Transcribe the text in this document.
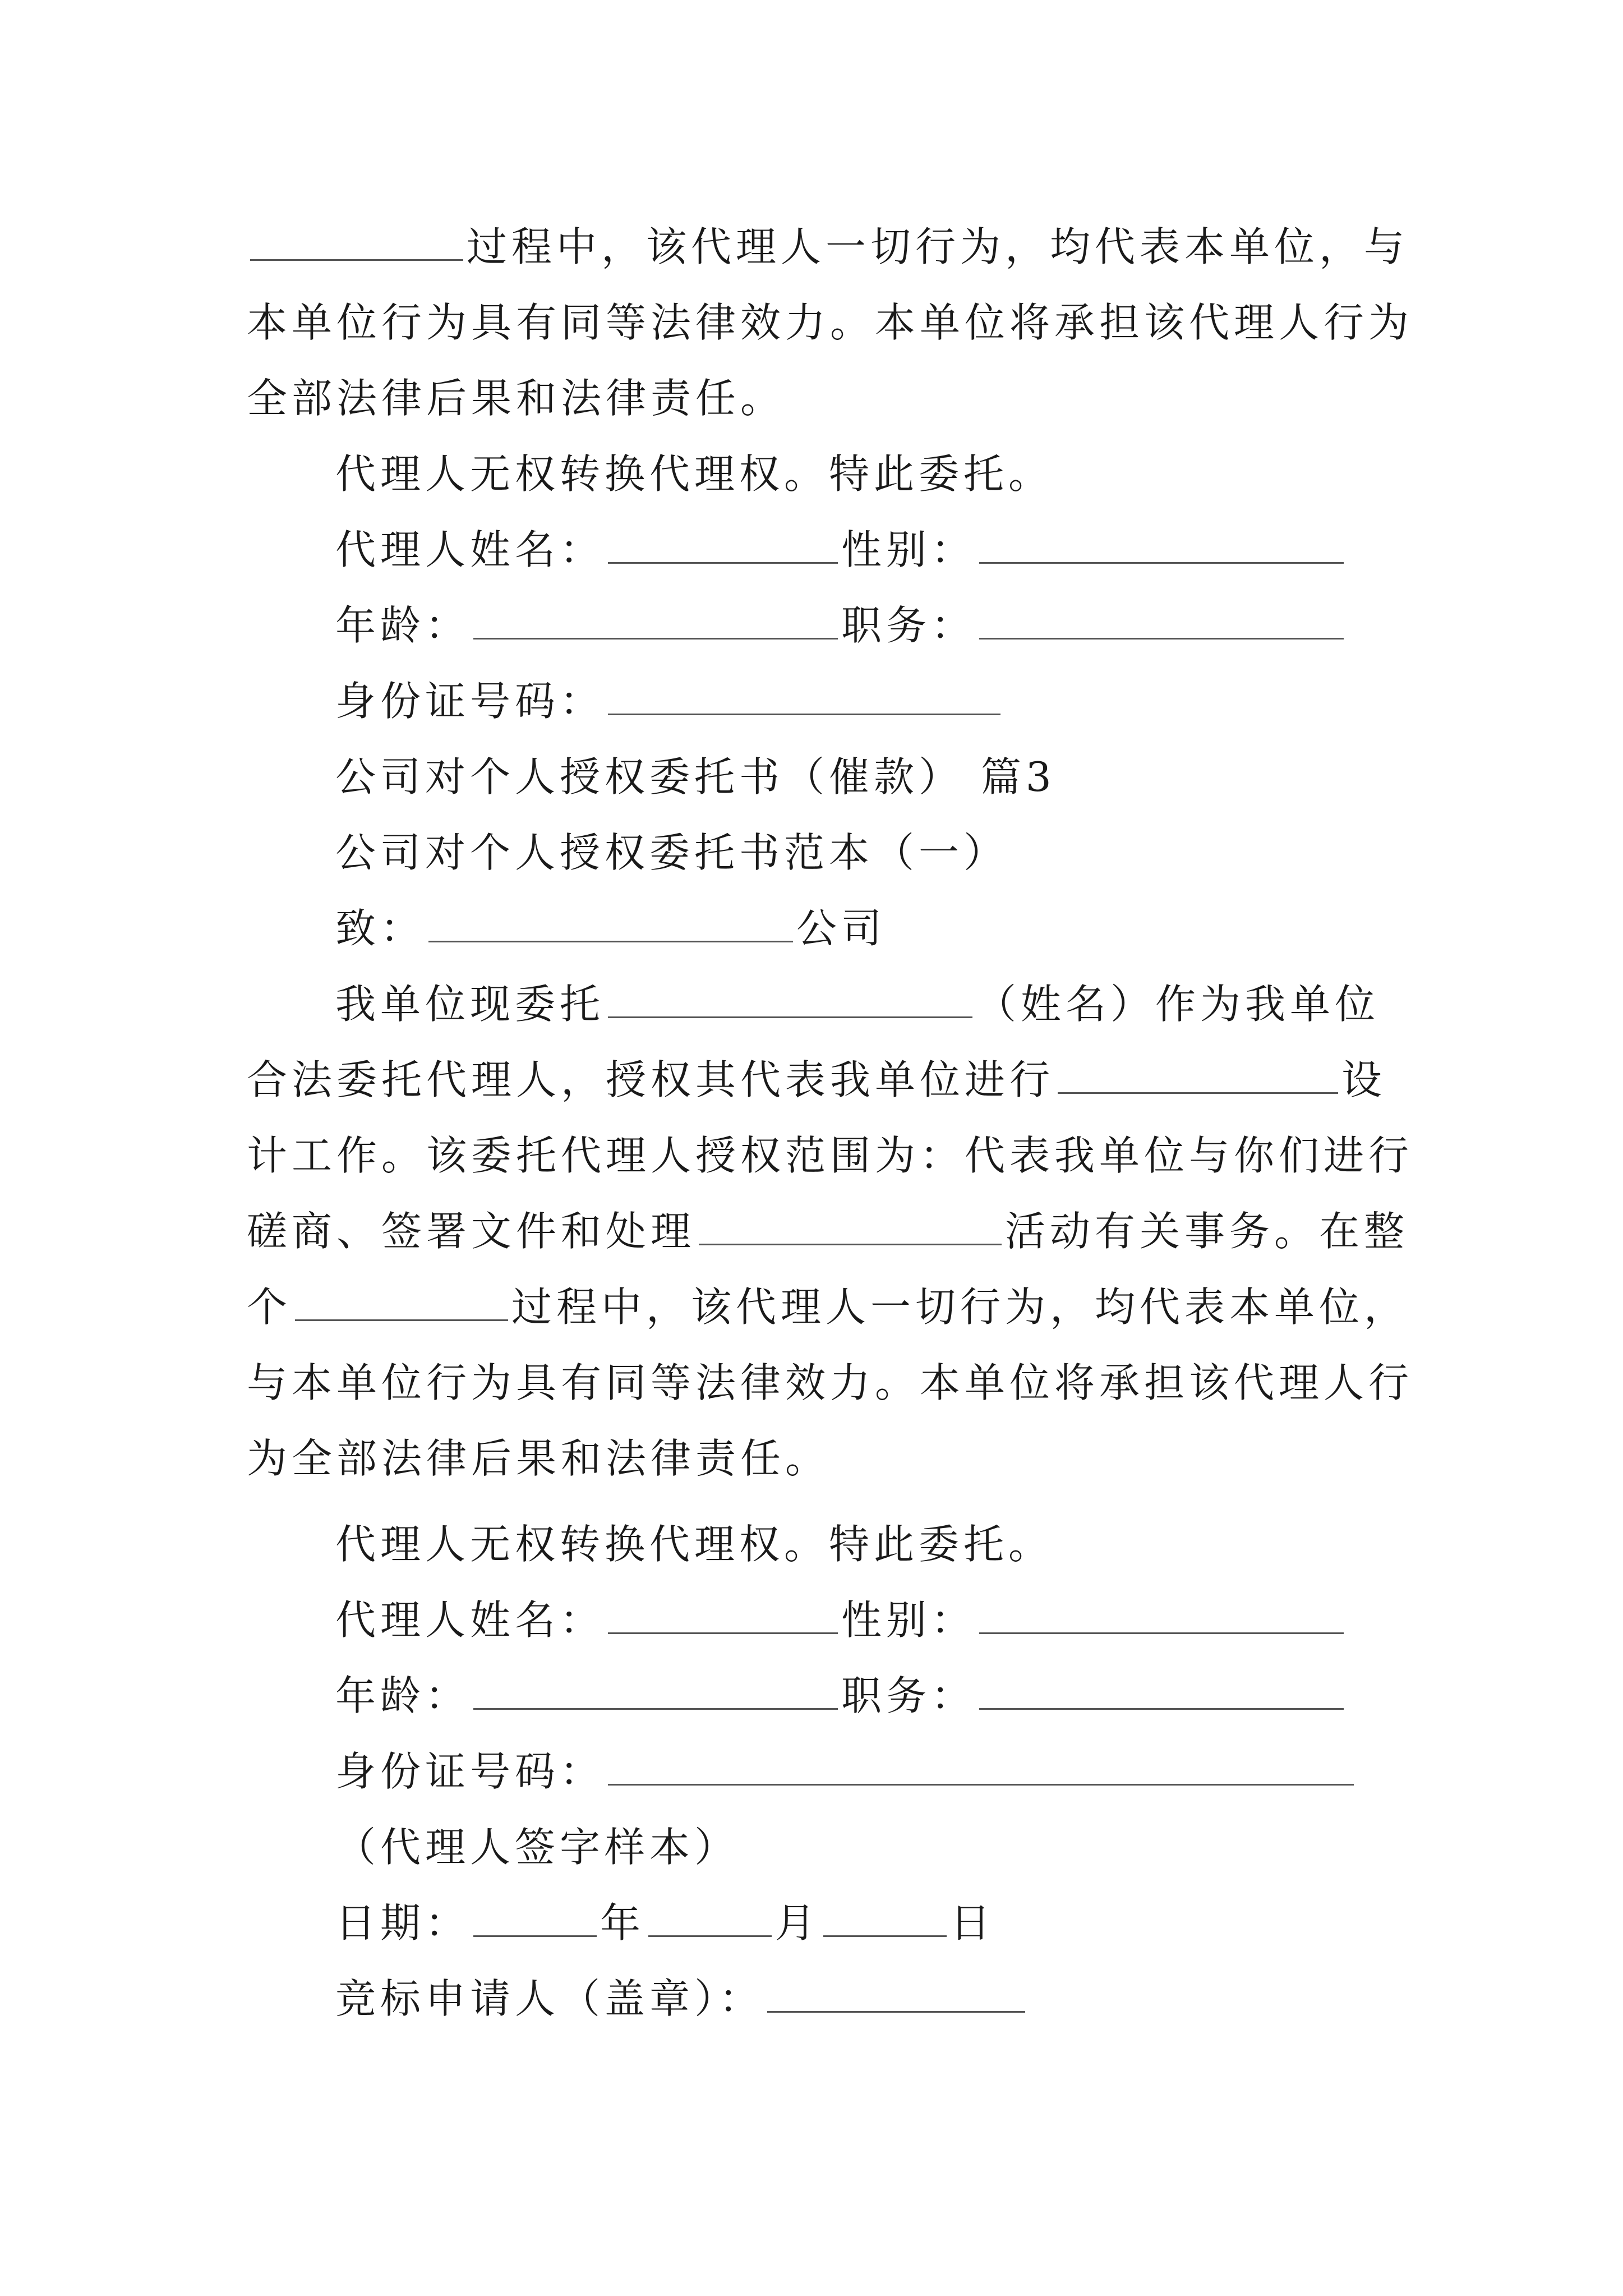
过程中，该代理人一切行为，均代表本单位，与
本单位行为具有同等法律效力。本单位将承担该代理人行为
全部法律后果和法律责任。
代理人无权转换代理权。特此委托。
代理人姓名：	性别：
年龄：	职务：
身份证号码：
公司对个人授权委托书（催款） 篇3
公司对个人授权委托书范本（一）
致：	公司
我单位现委托	（姓名）作为我单位
合法委托代理人，授权其代表我单位进行	设
计工作。该委托代理人授权范围为：代表我单位与你们进行
磋商、签署文件和处理	活动有关事务。在整
个	过程中，该代理人一切行为，均代表本单位，
与本单位行为具有同等法律效力。本单位将承担该代理人行
为全部法律后果和法律责任。
代理人无权转换代理权。特此委托。
代理人姓名：	性别：
年龄：	职务：
身份证号码：
（代理人签字样本）
日期：	年	月	日
竞标申请人（盖章）：
